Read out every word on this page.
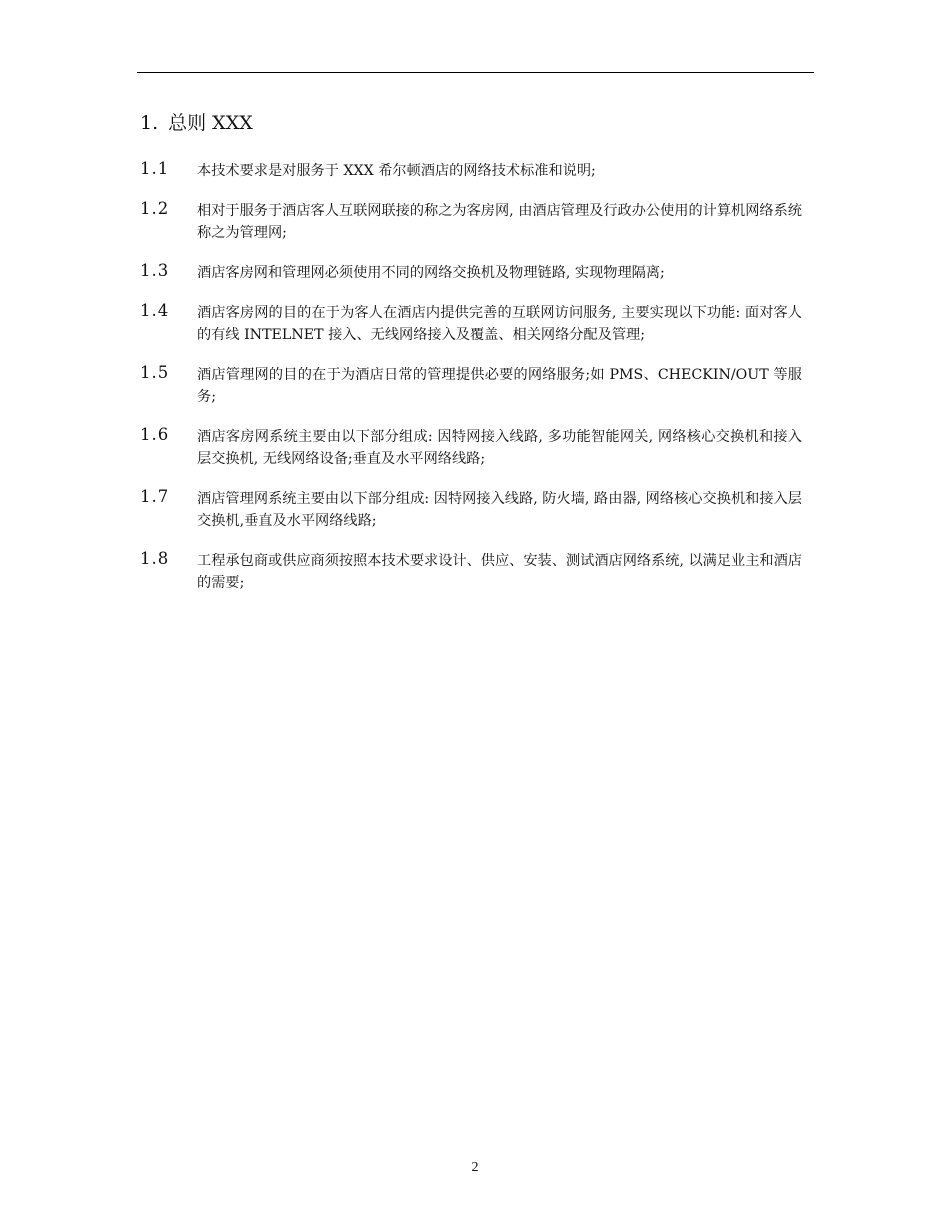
1. 总则 XXX
1.1 本技术要求是对服务于 XXX 希尔顿酒店的网络技术标准和说明;
1.2 相对于服务于酒店客人互联网联接的称之为客房网, 由酒店管理及行政办公使用的计算机网络系统称之为管理网;
1.3 酒店客房网和管理网必须使用不同的网络交换机及物理链路, 实现物理隔离;
1.4 酒店客房网的目的在于为客人在酒店内提供完善的互联网访问服务, 主要实现以下功能: 面对客人的有线 INTELNET 接入、无线网络接入及覆盖、相关网络分配及管理;
1.5 酒店管理网的目的在于为酒店日常的管理提供必要的网络服务;如 PMS、CHECKIN/OUT 等服务;
1.6 酒店客房网系统主要由以下部分组成: 因特网接入线路, 多功能智能网关, 网络核心交换机和接入层交换机, 无线网络设备;垂直及水平网络线路;
1.7 酒店管理网系统主要由以下部分组成: 因特网接入线路, 防火墙, 路由器, 网络核心交换机和接入层交换机,垂直及水平网络线路;
1.8 工程承包商或供应商须按照本技术要求设计、供应、安装、测试酒店网络系统, 以满足业主和酒店的需要;
2
